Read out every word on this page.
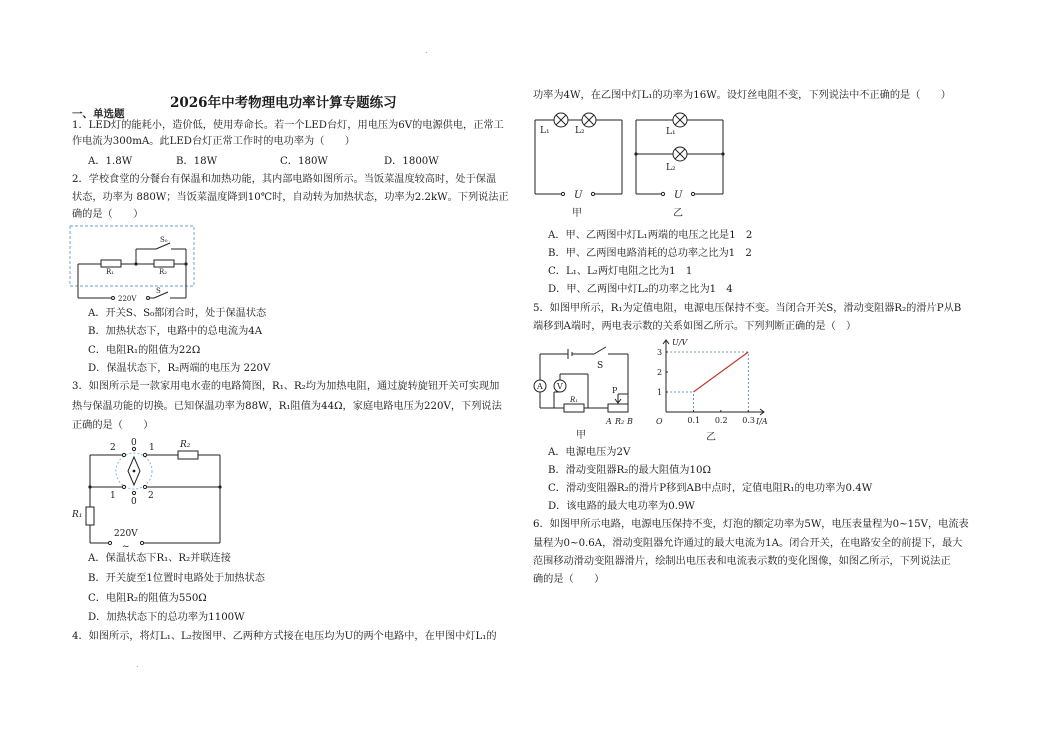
.
2026年中考物理电功率计算专题练习
一、单选题
1．LED灯的能耗小，造价低，使用寿命长。若一个LED台灯，用电压为6V的电源供电，正常工
作电流为300mA。此LED台灯正常工作时的电功率为（　　）
A．1.8W	B．18W	C．180W	D．1800W
2．学校食堂的分餐台有保温和加热功能，其内部电路如图所示。当饭菜温度较高时，处于保温
状态，功率为 880W；当饭菜温度降到10℃时，自动转为加热状态，功率为2.2kW。下列说法正
确的是（　　）
S₀
R₁	R₂
S
220V
A．开关S、S₀都闭合时，处于保温状态
B．加热状态下，电路中的总电流为4A
C．电阻R₁的阻值为22Ω
D．保温状态下，R₂两端的电压为 220V
3．如图所示是一款家用电水壶的电路简图，R₁、R₂均为加热电阻，通过旋转旋钮开关可实现加
热与保温功能的切换。已知保温功率为88W，R₁阻值为44Ω，家庭电路电压为220V，下列说法
正确的是（　　）
2 0 1
1
0
2
R₂
R₁
220V
~
A．保温状态下R₁、R₂并联连接
B．开关旋至1位置时电路处于加热状态
C．电阻R₂的阻值为550Ω
D．加热状态下的总功率为1100W
4．如图所示，将灯L₁、L₂按图甲、乙两种方式接在电压均为U的两个电路中，在甲图中灯L₁的
.
功率为4W，在乙图中灯L₁的功率为16W。设灯丝电阻不变，下列说法中不正确的是（　　）
L₁	L₂	L₁
L₂
U	U
甲	乙
A．甲、乙两图中灯L₁两端的电压之比是1　2
B．甲、乙两图电路消耗的总功率之比为1　2
C．L₁、L₂两灯电阻之比为1　1
D．甲、乙两图中灯L₂的功率之比为1　4
5．如图甲所示，R₁为定值电阻，电源电压保持不变。当闭合开关S，滑动变阻器R₂的滑片P从B
端移到A端时，两电表示数的关系如图乙所示。下列判断正确的是（　）
A V
S
R₁
P
A R₂ B
甲
0.1 0.2 0.3
1
2
3
U/V
I/A
O
乙
A．电源电压为2V
B．滑动变阻器R₂的最大阻值为10Ω
C．滑动变阻器R₂的滑片P移到AB中点时，定值电阻R₁的电功率为0.4W
D．该电路的最大电功率为0.9W
6．如图甲所示电路，电源电压保持不变，灯泡的额定功率为5W，电压表量程为0~15V，电流表
量程为0~0.6A，滑动变阻器允许通过的最大电流为1A。闭合开关，在电路安全的前提下，最大
范围移动滑动变阻器滑片，绘制出电压表和电流表示数的变化图像，如图乙所示，下列说法正
确的是（　　）
